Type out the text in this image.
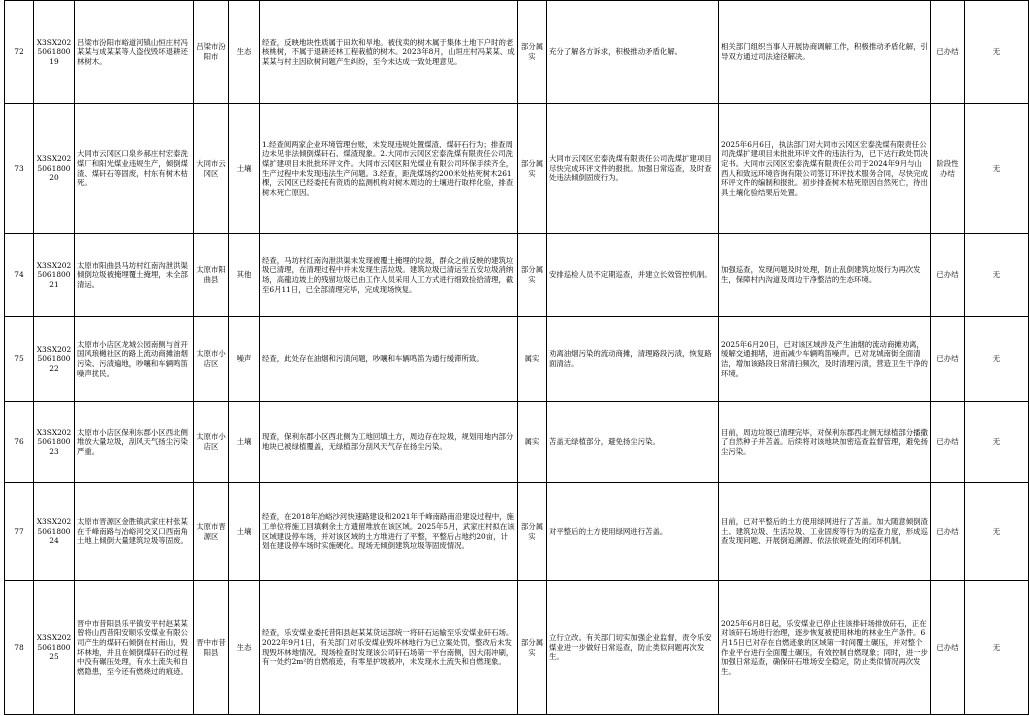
72	X3SX2025061800 19	吕梁市汾阳市峪道河镇山恒庄村冯某某与成某某等人盗伐毁坏退耕还林树木。	吕梁市汾阳市	生态	经查，反映地块性质属于田坎和旱地。被伐卖的树木属于集体土地下户时的老核桃树，不属于退耕还林工程栽植的树木。2023年8月，山垣庄村冯某某、成某某与村主因砍树问题产生纠纷，至今未达成一致处理意见。	部分属实	充分了解各方诉求，积极推动矛盾化解。	相关部门组织当事人开展协商调解工作，积极推动矛盾化解，引导双方通过司法途径解决。	已办结	无
73	X3SX2025061800 20	大同市云冈区口泉乡郝庄村宏泰洗煤厂和阳光煤业违规生产，倾倒煤渣、煤矸石等固废，村东有树木枯死。	大同市云冈区	土壤	1.经查阅两家企业环境管理台账，未发现违规处置煤渣、煤矸石行为；排查周边未见非法倾倒煤矸石、煤渣现象。2.大同市云冈区宏泰洗煤有限责任公司洗煤扩建项目未批批环评文件。大同市云冈区阳光煤业有限公司环保手续齐全，生产过程中未发现违法生产问题。3.经查，距洗煤场约200米处枯死树木261棵，云冈区已经委托有资质的监测机构对树木周边的土壤进行取样化验，排查树木死亡原因。	部分属实	大同市云冈区宏泰洗煤有限责任公司洗煤扩建项目尽快完成环评文件的报批。加强日常巡查，及时查处违法倾倒固废行为。	2025年6月6日，执法部门对大同市云冈区宏泰洗煤有限责任公司洗煤扩建项目未批批环评文件的违法行为，已下达行政处罚决定书。大同市云冈区宏泰洗煤有限责任公司于2024年9月与山西人和致远环境咨询有限公司签订环评技术服务合同，尽快完成环评文件的编制和报批。初步排查树木枯死原因自然死亡，待出具土壤化验结果后处置。	阶段性办结	无
74	X3SX2025061800 21	太原市阳曲县马坊村红南沟泄洪渠倾倒垃圾被掩埋覆土掩埋，未全部清运。	太原市阳曲县	其他	经查，马坊村红南沟泄洪渠未发现被覆土掩埋的垃圾，群众之前反映的建筑垃圾已清理，在清理过程中并未发现生活垃圾。建筑垃圾已清运至五安垃圾消纳场，高龍边坡上的残留垃圾已由工作人员采用人工方式进行细致捡拾清理，截至6月11日，已全部清理完毕，完成现场恢复。	部分属实	安排巡检人员不定期巡查，并建立长效管控机制。	加强巡查，发现问题及时处理，防止乱倒建筑垃圾行为再次发生，保障村内沟道及周边干净整洁的生态环境。	已办结	无
75	X3SX2025061800 22	太原市小店区龙城公园南侧与首开国风琅樾社区的路上流动商摊油烟污染、污渍遍地，吵嚷和车辆鸣笛噪声扰民。	太原市小店区	噪声	经查，此处存在油烟和污渍问题，吵嚷和车辆鸣笛为通行缓滞所致。	属实	劝离油烟污染的流动商摊，清理路段污渍，恢复路面清洁。	2025年6月20日，已对该区域涉及产生油烟的流动商摊劝离，缓解交通拥堵，进而减少车辆鸣笛噪声。已对龙城南街全面清洁，增加该路段日常清扫频次，及时清理污渍，营造卫生干净的环境。	已办结	无
76	X3SX2025061800 23	太原市小店区保利东郡小区西北侧堆放大量垃圾，刮风天气扬尘污染严重。	太原市小店区	土壤	现查，保利东郡小区西北侧为工地回填土方，周边存在垃圾，规划用地内部分地块已被绿植覆盖，无绿植部分刮风天气存在扬尘污染。	属实	苫盖无绿植部分，避免扬尘污染。	目前，周边垃圾已清理完毕，对保利东郡西北侧无绿植部分播撒了自然种子并苫盖。后续将对该地块加密巡查监督管理，避免扬尘污染。	已办结	无
77	X3SX2025061800 24	太原市晋源区金胜镇武家庄村张某在千峰南路与冶峪河交叉口西南角土地上倾倒大量建筑垃圾等固废。	太原市晋源区	土壤	经查，在2018年冶峪沙河快速路建设和2021年千峰南路南沿建设过程中，施工单位将施工回填剩余土方遗留堆放在该区域。2025年5月，武家庄村拟在该区域建设停车场，并对该区域的土方堆进行了平整，平整后占地约20亩，计划在建设停车场时实施硬化。现场无倾倒建筑垃圾等固废情况。	部分属实	对平整后的土方使用绿网进行苫盖。	目前，已对平整后的土方使用绿网进行了苫盖。加大随意倾倒渣土、建筑垃圾、生活垃圾、工业固废等行为的巡查力度，形成巡查发现问题、开展倒追溯源、依法依规查处的闭环机制。	已办结	无
78	X3SX2025061800 25	晋中市昔阳县乐平镇安平村赵某某曾将山西昔阳安顺乐安煤业有限公司产生的煤矸石倾倒在村南山，毁坏林地，并且在倾倒煤矸石的过程中没有碾压处理，有水土流失和自燃隐患，至今还有燃烧过的痕迹。	晋中市昔阳县	生态	经查，乐安煤业委托昔阳县赵某某货运部统一将矸石运输至乐安煤业矸石场。2022年9月1日，有关部门对乐安煤业毁坏林地行为已立案处罚，整改后未发现毁坏林地情况。现场检查时发现该公司矸石场第一平台南侧，因大雨冲刷，有一处约2m²的自燃痕迹，有零星护坡被冲，未发现水土流失和自燃现象。	部分属实	立行立改。有关部门切实加强企业监督，责令乐安煤业进一步做好日常巡查，防止类似问题再次发生。	2025年6月8日起，乐安煤业已停止往该排矸场排放矸石，正在对该矸石场进行治理，逐步恢复被使用林地的林业生产条件。6月15日已对存在自燃迹象的区域第一时间覆土碾压，并对整个作业平台进行全面覆土碾压，有效控制自燃现象；同时，进一步加强日常巡查，确保矸石堆场安全稳定，防止类似情况再次发生。	已办结	无
